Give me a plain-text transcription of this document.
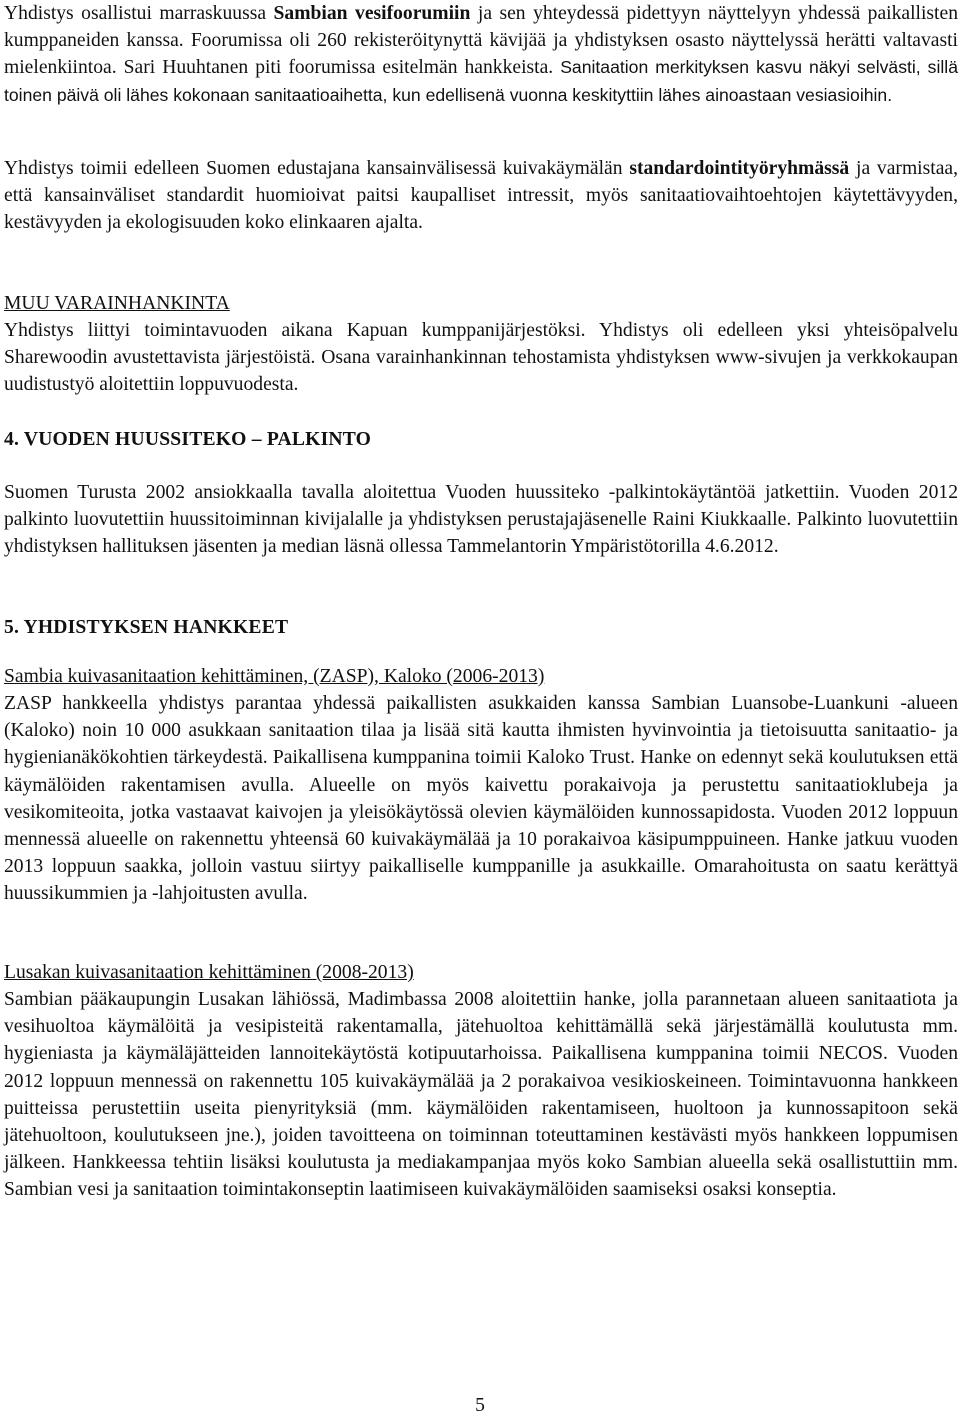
Yhdistys osallistui marraskuussa Sambian vesifoorumiin ja sen yhteydessä pidettyyn näyttelyyn yhdessä paikallisten kumppaneiden kanssa. Foorumissa oli 260 rekisteröitynyttä kävijää ja yhdistyksen osasto näyttelyssä herätti valtavasti mielenkiintoa. Sari Huuhtanen piti foorumissa esitelmän hankkeista. Sanitaation merkityksen kasvu näkyi selvästi, sillä toinen päivä oli lähes kokonaan sanitaatioaihetta, kun edellisenä vuonna keskityttiin lähes ainoastaan vesiasioihin.

Yhdistys toimii edelleen Suomen edustajana kansainvälisessä kuivakäymälän standardointityöryhmässä ja varmistaa, että kansainväliset standardit huomioivat paitsi kaupalliset intressit, myös sanitaatiovaihtoehtojen käytettävyyden, kestävyyden ja ekologisuuden koko elinkaaren ajalta.

MUU VARAINHANKINTA

Yhdistys liittyi toimintavuoden aikana Kapuan kumppanijärjestöksi. Yhdistys oli edelleen yksi yhteisöpalvelu Sharewoodin avustettavista järjestöistä. Osana varainhankinnan tehostamista yhdistyksen www-sivujen ja verkkokaupan uudistustyö aloitettiin loppuvuodesta.

4. VUODEN HUUSSITEKO – PALKINTO

Suomen Turusta 2002 ansiokkaalla tavalla aloitettua Vuoden huussiteko -palkintokäytäntöä jatkettiin. Vuoden 2012 palkinto luovutettiin huussitoiminnan kivijalalle ja yhdistyksen perustajajäsenelle Raini Kiukkaalle. Palkinto luovutettiin yhdistyksen hallituksen jäsenten ja median läsnä ollessa Tammelantorin Ympäristötorilla 4.6.2012.

5. YHDISTYKSEN HANKKEET
Sambia kuivasanitaation kehittäminen, (ZASP), Kaloko (2006-2013)

ZASP hankkeella yhdistys parantaa yhdessä paikallisten asukkaiden kanssa Sambian Luansobe-Luankuni -alueen (Kaloko) noin 10 000 asukkaan sanitaation tilaa ja lisää sitä kautta ihmisten hyvinvointia ja tietoisuutta sanitaatio- ja hygienianäkökohtien tärkeydestä. Paikallisena kumppanina toimii Kaloko Trust. Hanke on edennyt sekä koulutuksen että käymälöiden rakentamisen avulla. Alueelle on myös kaivettu porakaivoja ja perustettu sanitaatioklubeja ja vesikomiteoita, jotka vastaavat kaivojen ja yleisökäytössä olevien käymälöiden kunnossapidosta. Vuoden 2012 loppuun mennessä alueelle on rakennettu yhteensä 60 kuivakäymälää ja 10 porakaivoa käsipumppuineen. Hanke jatkuu vuoden 2013 loppuun saakka, jolloin vastuu siirtyy paikalliselle kumppanille ja asukkaille. Omarahoitusta on saatu kerättyä huussikummien ja -lahjoitusten avulla.

Lusakan kuivasanitaation kehittäminen (2008-2013)

Sambian pääkaupungin Lusakan lähiössä, Madimbassa 2008 aloitettiin hanke, jolla parannetaan alueen sanitaatiota ja vesihuoltoa käymälöitä ja vesipisteitä rakentamalla, jätehuoltoa kehittämällä sekä järjestämällä koulutusta mm. hygieniasta ja käymäläjätteiden lannoitekäytöstä kotipuutarhoissa. Paikallisena kumppanina toimii NECOS. Vuoden 2012 loppuun mennessä on rakennettu 105 kuivakäymälää ja 2 porakaivoa vesikioskeineen. Toimintavuonna hankkeen puitteissa perustettiin useita pienyrityksiä (mm. käymälöiden rakentamiseen, huoltoon ja kunnossapitoon sekä jätehuoltoon, koulutukseen jne.), joiden tavoitteena on toiminnan toteuttaminen kestävästi myös hankkeen loppumisen jälkeen. Hankkeessa tehtiin lisäksi koulutusta ja mediakampanjaa myös koko Sambian alueella sekä osallistuttiin mm. Sambian vesi ja sanitaation toimintakonseptin laatimiseen kuivakäymälöiden saamiseksi osaksi konseptia.

5
